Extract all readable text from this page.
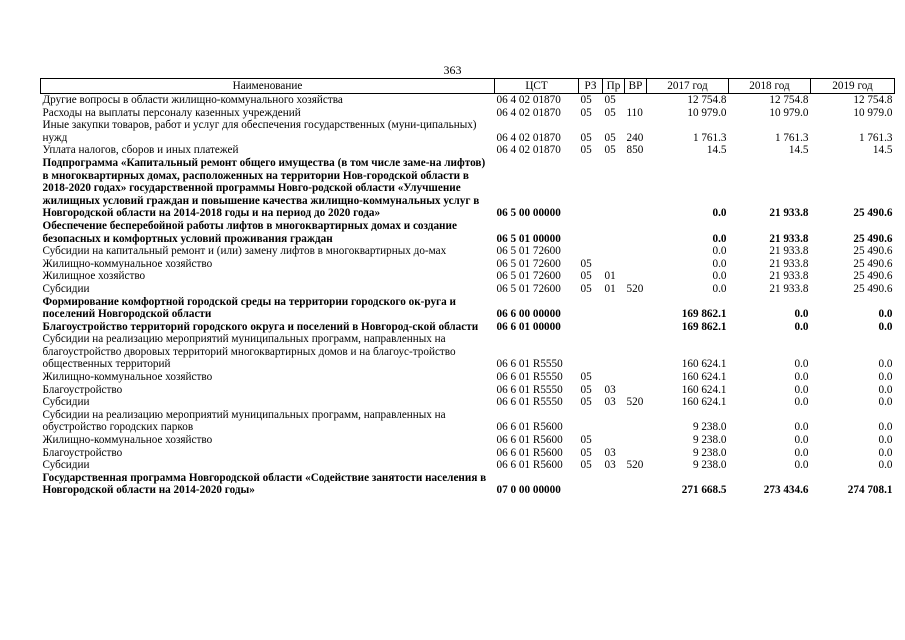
363
Наименование	ЦСТ	РЗ	Пр	ВР	2017 год	2018 год	2019 год
Другие вопросы в области жилищно-коммунального хозяйства	06 4 02 01870	05	05		12 754.8	12 754.8	12 754.8
Расходы на выплаты персоналу казенных учреждений	06 4 02 01870	05	05	110	10 979.0	10 979.0	10 979.0
Иные закупки товаров, работ и услуг для обеспечения государственных (муни-ципальных) нужд	06 4 02 01870	05	05	240	1 761.3	1 761.3	1 761.3
Уплата налогов, сборов и иных платежей	06 4 02 01870	05	05	850	14.5	14.5	14.5
Подпрограмма «Капитальный ремонт общего имущества (в том числе заме-на лифтов) в многоквартирных домах, расположенных на территории Нов-городской области в 2018-2020 годах» государственной программы Новго-родской области «Улучшение жилищных условий граждан и повышение качества жилищно-коммунальных услуг в Новгородской области на 2014-2018 годы и на период до 2020 года»	06 5 00 00000				0.0	21 933.8	25 490.6
Обеспечение бесперебойной работы лифтов в многоквартирных домах и создание безопасных и комфортных условий проживания граждан	06 5 01 00000				0.0	21 933.8	25 490.6
Субсидии на капитальный ремонт и (или) замену лифтов в многоквартирных до-мах	06 5 01 72600				0.0	21 933.8	25 490.6
Жилищно-коммунальное хозяйство	06 5 01 72600	05			0.0	21 933.8	25 490.6
Жилищное хозяйство	06 5 01 72600	05	01		0.0	21 933.8	25 490.6
Субсидии	06 5 01 72600	05	01	520	0.0	21 933.8	25 490.6
Формирование комфортной городской среды на территории городского ок-руга и поселений Новгородской области	06 6 00 00000				169 862.1	0.0	0.0
Благоустройство территорий городского округа и поселений в Новгород-ской области	06 6 01 00000				169 862.1	0.0	0.0
Субсидии на реализацию мероприятий муниципальных программ, направленных на благоустройство дворовых территорий многоквартирных домов и на благоус-тройство общественных территорий	06 6 01 R5550				160 624.1	0.0	0.0
Жилищно-коммунальное хозяйство	06 6 01 R5550	05			160 624.1	0.0	0.0
Благоустройство	06 6 01 R5550	05	03		160 624.1	0.0	0.0
Субсидии	06 6 01 R5550	05	03	520	160 624.1	0.0	0.0
Субсидии на реализацию мероприятий муниципальных программ, направленных на обустройство городских парков	06 6 01 R5600				9 238.0	0.0	0.0
Жилищно-коммунальное хозяйство	06 6 01 R5600	05			9 238.0	0.0	0.0
Благоустройство	06 6 01 R5600	05	03		9 238.0	0.0	0.0
Субсидии	06 6 01 R5600	05	03	520	9 238.0	0.0	0.0
Государственная программа Новгородской области «Содействие занятости населения в Новгородской области на 2014-2020 годы»	07 0 00 00000				271 668.5	273 434.6	274 708.1
